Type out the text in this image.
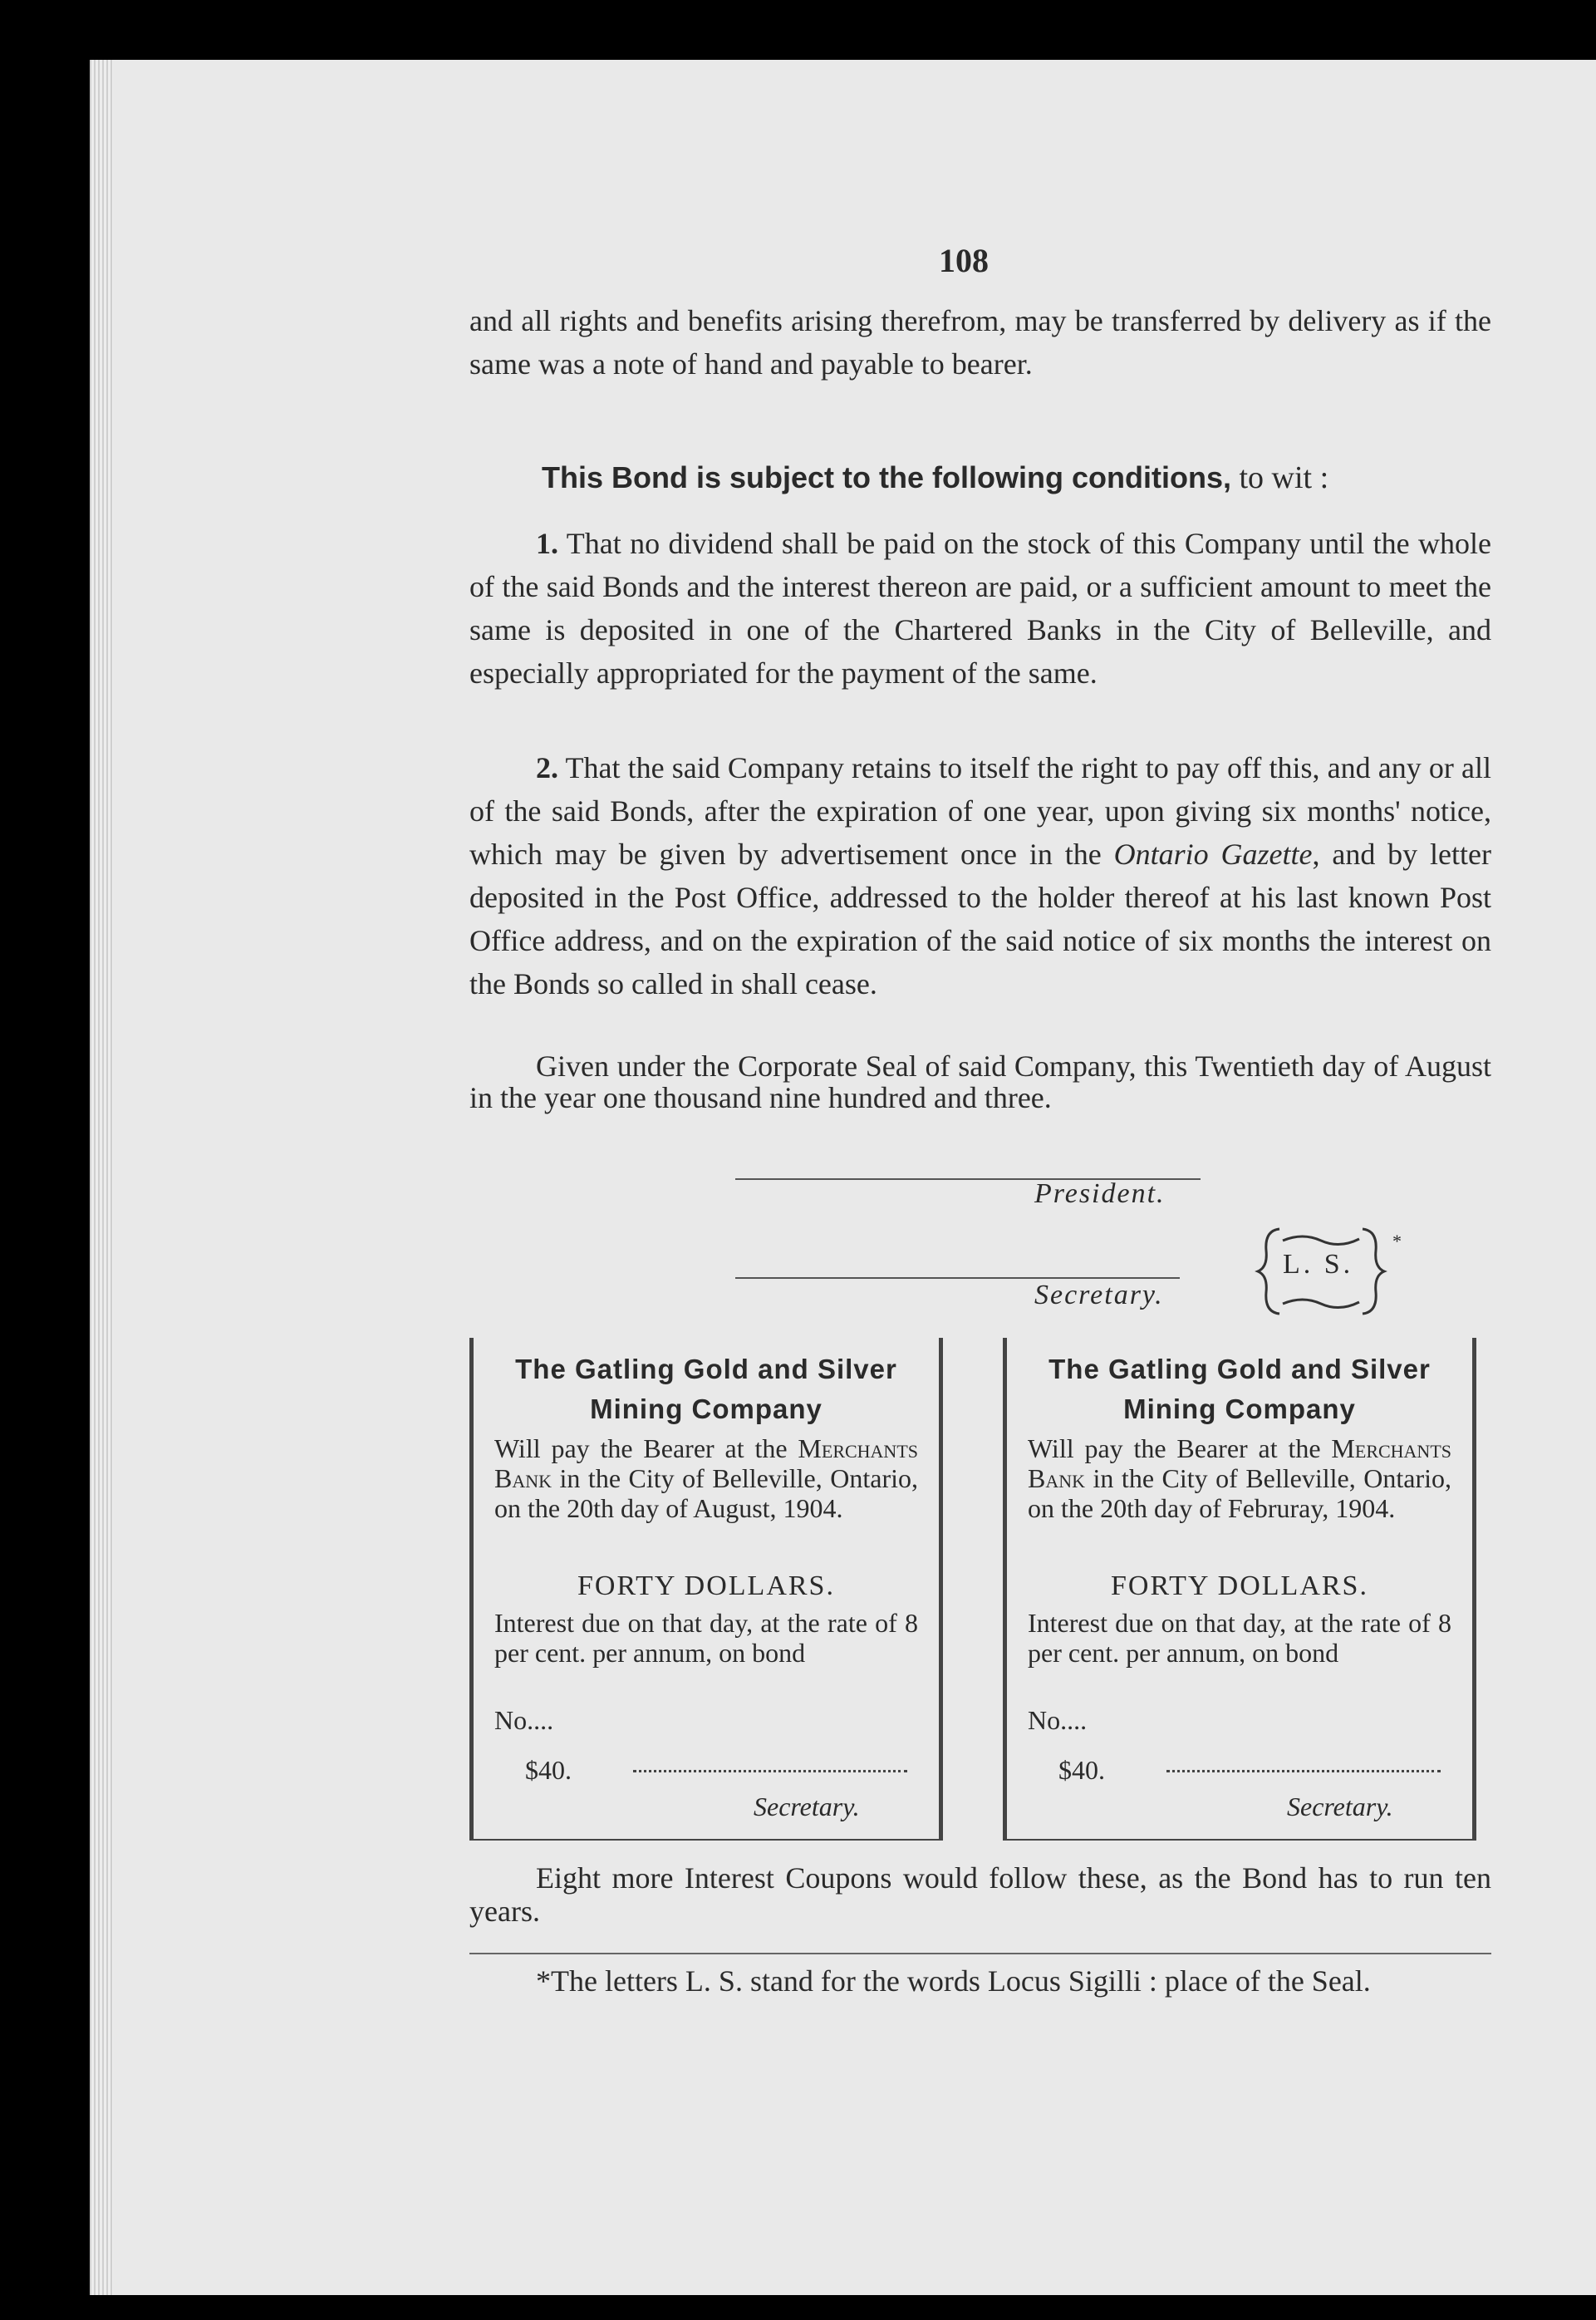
108
and all rights and benefits arising therefrom, may be transferred by delivery as if the same was a note of hand and payable to bearer.
This Bond is subject to the following conditions, to wit :
1. That no dividend shall be paid on the stock of this Company until the whole of the said Bonds and the interest thereon are paid, or a sufficient amount to meet the same is deposited in one of the Chartered Banks in the City of Belleville, and especially appropriated for the payment of the same.
2. That the said Company retains to itself the right to pay off this, and any or all of the said Bonds, after the expiration of one year, upon giving six months' notice, which may be given by advertisement once in the Ontario Gazette, and by letter deposited in the Post Office, addressed to the holder thereof at his last known Post Office address, and on the expiration of the said notice of six months the interest on the Bonds so called in shall cease.
Given under the Corporate Seal of said Company, this Twentieth day of August in the year one thousand nine hundred and three.
President.
Secretary.
L. S.
*
The Gatling Gold and Silver
Mining Company
Will pay the Bearer at the Merchants Bank in the City of Belleville, Ontario, on the 20th day of August, 1904.
FORTY DOLLARS.
Interest due on that day, at the rate of 8 per cent. per annum, on bond
No....
$40.
Secretary.
The Gatling Gold and Silver
Mining Company
Will pay the Bearer at the Merchants Bank in the City of Belleville, Ontario, on the 20th day of Februray, 1904.
FORTY DOLLARS.
Interest due on that day, at the rate of 8 per cent. per annum, on bond
No....
$40.
Secretary.
Eight more Interest Coupons would follow these, as the Bond has to run ten years.
*The letters L. S. stand for the words Locus Sigilli : place of the Seal.
